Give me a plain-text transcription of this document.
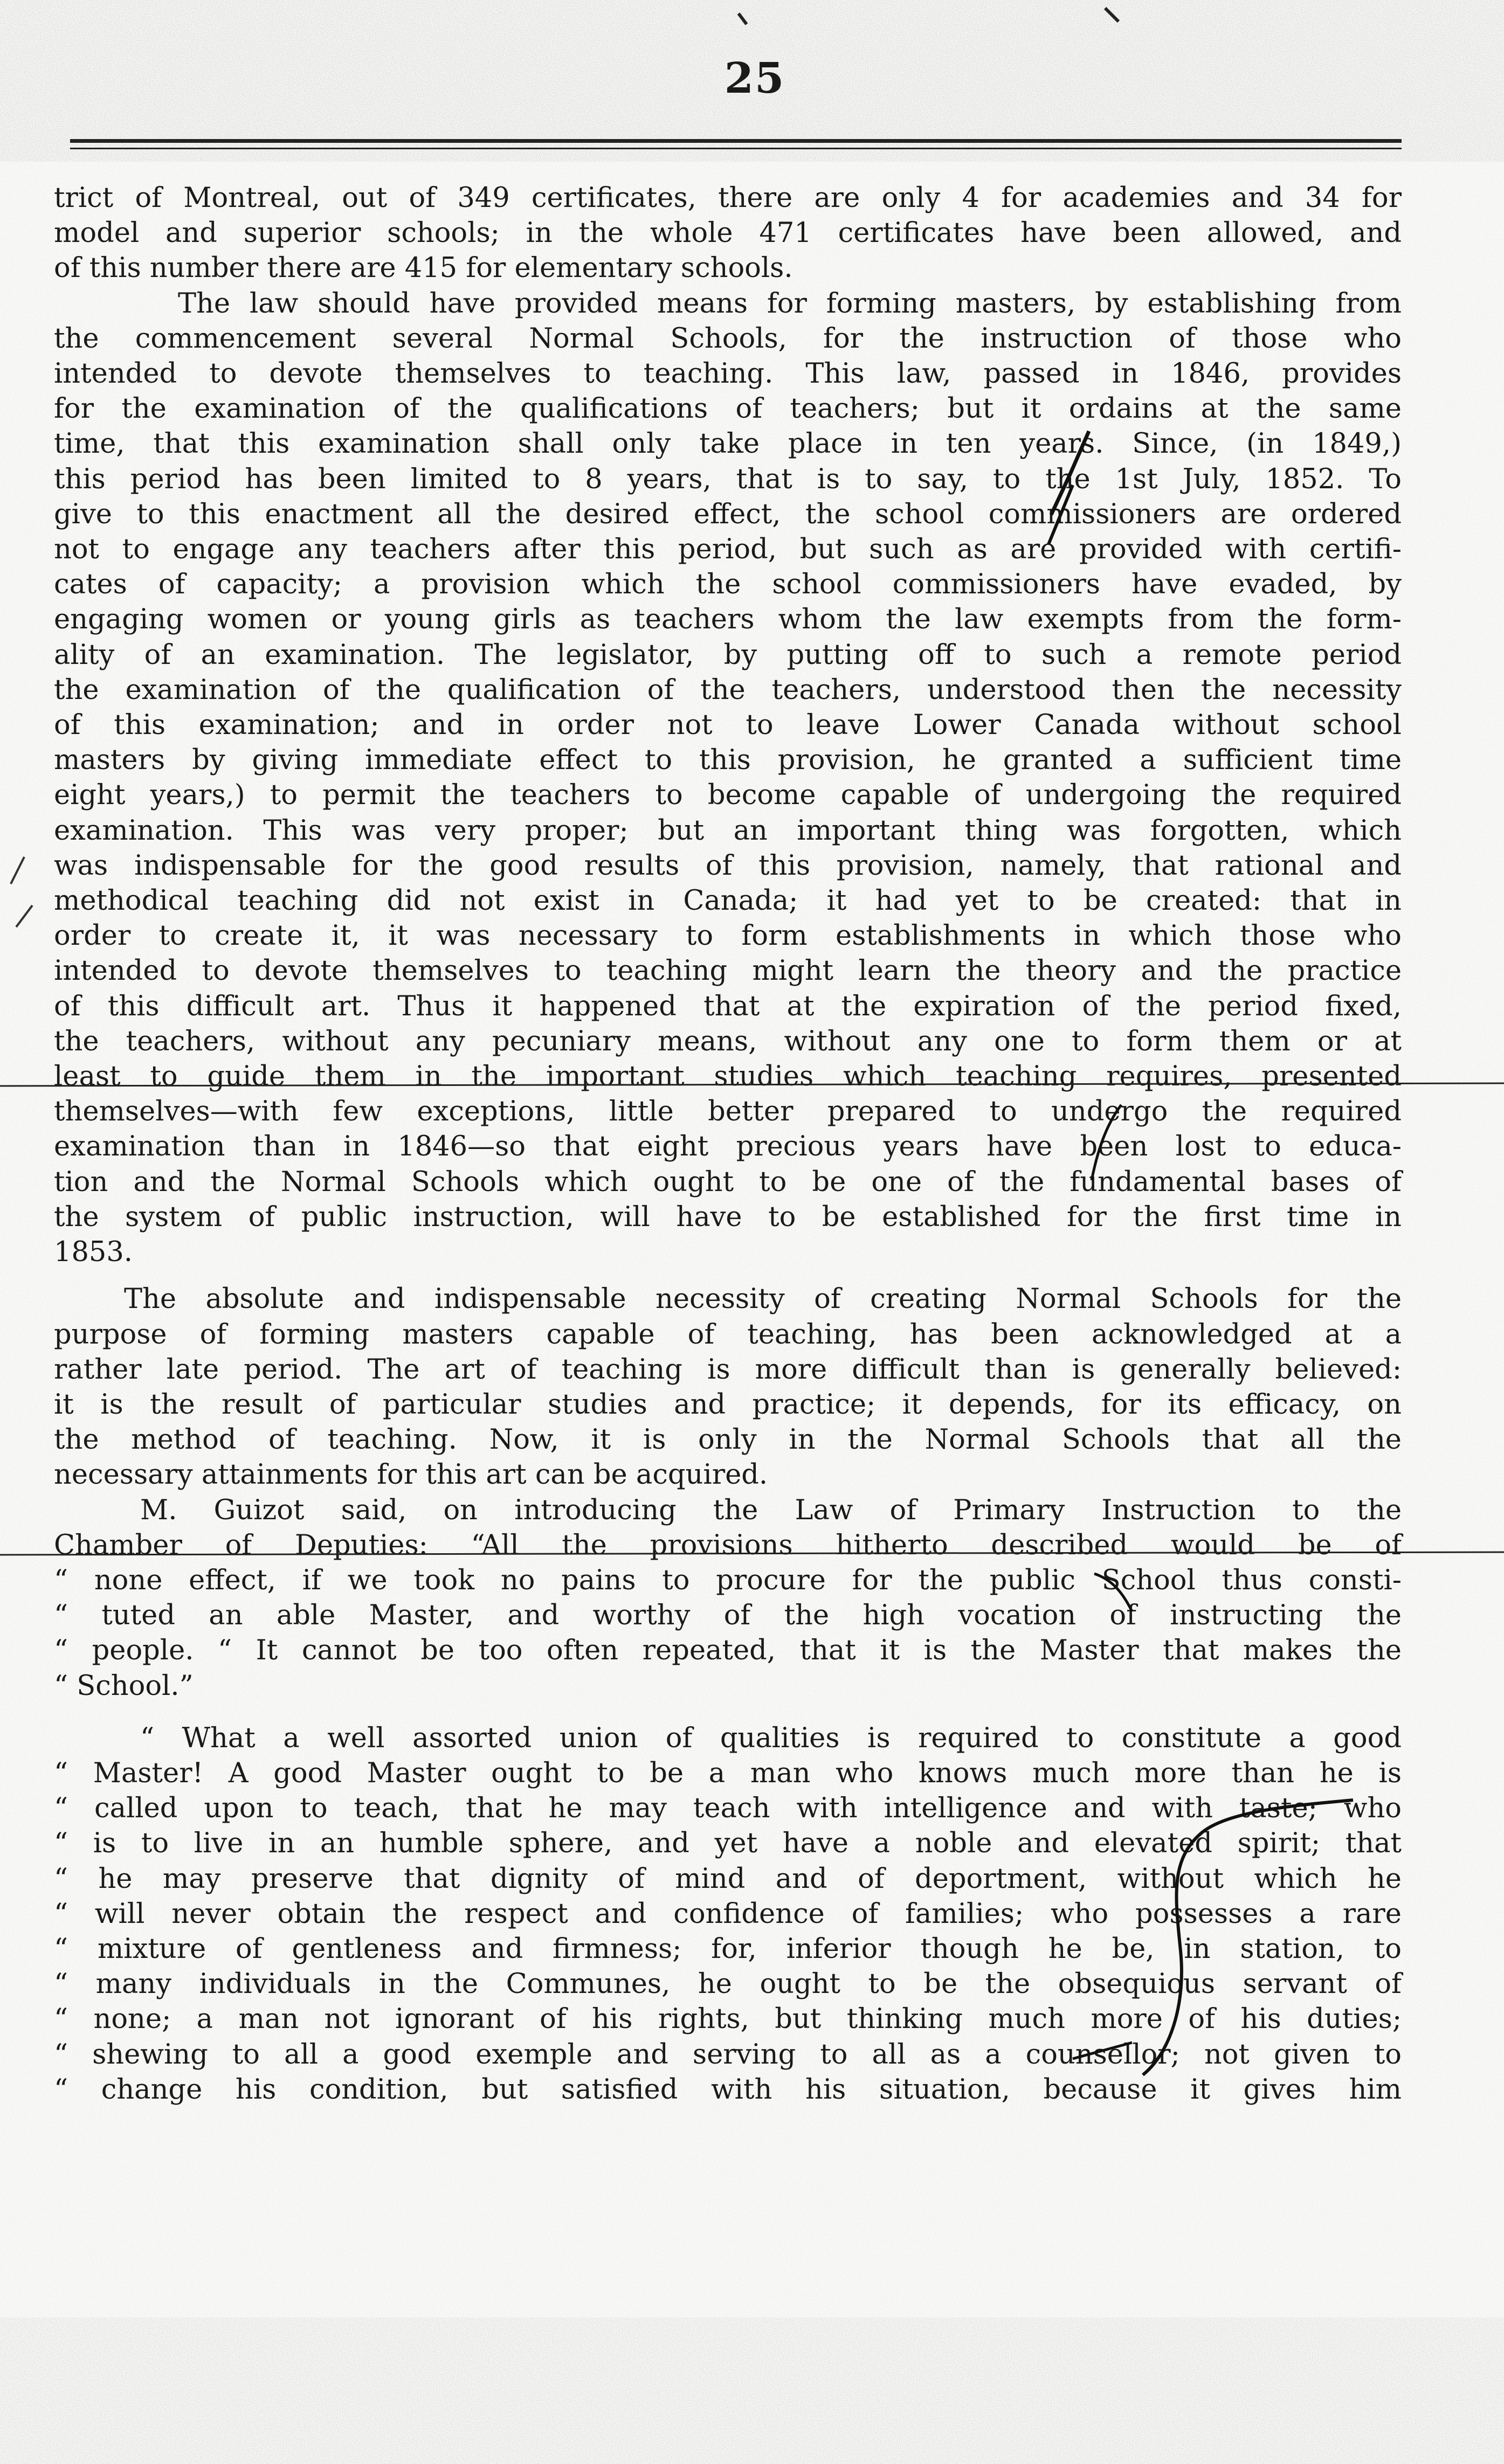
25
trict of Montreal, out of 349 certificates, there are only 4 for academies and 34 for
model and superior schools; in the whole 471 certificates have been allowed, and
of this number there are 415 for elementary schools.
The law should have provided means for forming masters, by establishing from
the commencement several Normal Schools, for the instruction of those who
intended to devote themselves to teaching. This law, passed in 1846, provides
for the examination of the qualifications of teachers; but it ordains at the same
time, that this examination shall only take place in ten years. Since, (in 1849,)
this period has been limited to 8 years, that is to say, to the 1st July, 1852. To
give to this enactment all the desired effect, the school commissioners are ordered
not to engage any teachers after this period, but such as are provided with certifi-
cates of capacity; a provision which the school commissioners have evaded, by
engaging women or young girls as teachers whom the law exempts from the form-
ality of an examination. The legislator, by putting off to such a remote period
the examination of the qualification of the teachers, understood then the necessity
of this examination; and in order not to leave Lower Canada without school
masters by giving immediate effect to this provision, he granted a sufficient time
eight years,) to permit the teachers to become capable of undergoing the required
examination. This was very proper; but an important thing was forgotten, which
was indispensable for the good results of this provision, namely, that rational and
methodical teaching did not exist in Canada; it had yet to be created: that in
order to create it, it was necessary to form establishments in which those who
intended to devote themselves to teaching might learn the theory and the practice
of this difficult art. Thus it happened that at the expiration of the period fixed,
the teachers, without any pecuniary means, without any one to form them or at
least to guide them in the important studies which teaching requires, presented
themselves—with few exceptions, little better prepared to undergo the required
examination than in 1846—so that eight precious years have been lost to educa-
tion and the Normal Schools which ought to be one of the fundamental bases of
the system of public instruction, will have to be established for the first time in
1853.
The absolute and indispensable necessity of creating Normal Schools for the
purpose of forming masters capable of teaching, has been acknowledged at a
rather late period. The art of teaching is more difficult than is generally believed:
it is the result of particular studies and practice; it depends, for its efficacy, on
the method of teaching. Now, it is only in the Normal Schools that all the
necessary attainments for this art can be acquired.
M. Guizot said, on introducing the Law of Primary Instruction to the
Chamber of Deputies: “All the provisions hitherto described would be of
“ none effect, if we took no pains to procure for the public School thus consti-
“ tuted an able Master, and worthy of the high vocation of instructing the
“ people. “ It cannot be too often repeated, that it is the Master that makes the
“ School.”
“ What a well assorted union of qualities is required to constitute a good
“ Master! A good Master ought to be a man who knows much more than he is
“ called upon to teach, that he may teach with intelligence and with taste; who
“ is to live in an humble sphere, and yet have a noble and elevated spirit; that
“ he may preserve that dignity of mind and of deportment, without which he
“ will never obtain the respect and confidence of families; who possesses a rare
“ mixture of gentleness and firmness; for, inferior though he be, in station, to
“ many individuals in the Communes, he ought to be the obsequious servant of
“ none; a man not ignorant of his rights, but thinking much more of his duties;
“ shewing to all a good exemple and serving to all as a counsellor; not given to
“ change his condition, but satisfied with his situation, because it gives him
